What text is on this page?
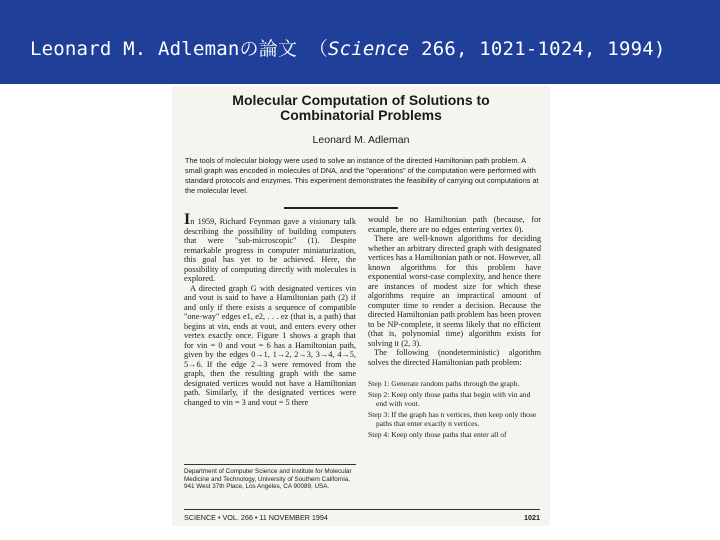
Leonard M. Adlemanの論文 （Science 266, 1021-1024, 1994)
Molecular Computation of Solutions to
Combinatorial Problems
Leonard M. Adleman
The tools of molecular biology were used to solve an instance of the directed Hamiltonian path problem. A small graph was encoded in molecules of DNA, and the "operations" of the computation were performed with standard protocols and enzymes. This experiment demonstrates the feasibility of carrying out computations at the molecular level.

In 1959, Richard Feynman gave a visionary talk describing the possibility of building computers that were "sub-microscopic" (1). Despite remarkable progress in computer miniaturization, this goal has yet to be achieved. Here, the possibility of computing directly with molecules is explored.

A directed graph G with designated vertices vin and vout is said to have a Hamiltonian path (2) if and only if there exists a sequence of compatible "one-way" edges e1, e2, . . . ez (that is, a path) that begins at vin, ends at vout, and enters every other vertex exactly once. Figure 1 shows a graph that for vin = 0 and vout = 6 has a Hamiltonian path, given by the edges 0→1, 1→2, 2→3, 3→4, 4→5, 5→6. If the edge 2→3 were removed from the graph, then the resulting graph with the same designated vertices would not have a Hamiltonian path. Similarly, if the designated vertices were changed to vin = 3 and vout = 5 there

Department of Computer Science and Institute for Molecular Medicine and Technology, University of Southern California, 941 West 37th Place, Los Angeles, CA 90089, USA.

would be no Hamiltonian path (because, for example, there are no edges entering vertex 0).

There are well-known algorithms for deciding whether an arbitrary directed graph with designated vertices has a Hamiltonian path or not. However, all known algorithms for this problem have exponential worst-case complexity, and hence there are instances of modest size for which these algorithms require an impractical amount of computer time to render a decision. Because the directed Hamiltonian path problem has been proven to be NP-complete, it seems likely that no efficient (that is, polynomial time) algorithm exists for solving it (2, 3).

The following (nondeterministic) algorithm solves the directed Hamiltonian path problem:

Step 1: Generate random paths through the graph.
Step 2: Keep only those paths that begin with vin and end with vout.
Step 3: If the graph has n vertices, then keep only those paths that enter exactly n vertices.
Step 4: Keep only those paths that enter all of
SCIENCE • VOL. 266 • 11 NOVEMBER 1994	1021
